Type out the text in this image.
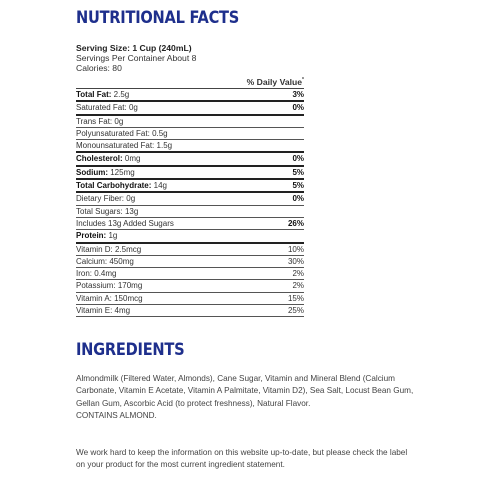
NUTRITIONAL FACTS
Serving Size: 1 Cup (240mL)
Servings Per Container About 8
Calories: 80
% Daily Value*
Total Fat: 2.5g	3%
Saturated Fat: 0g	0%
Trans Fat: 0g
Polyunsaturated Fat: 0.5g
Monounsaturated Fat: 1.5g
Cholesterol: 0mg	0%
Sodium: 125mg	5%
Total Carbohydrate: 14g	5%
Dietary Fiber: 0g	0%
Total Sugars: 13g
Includes 13g Added Sugars	26%
Protein: 1g
Vitamin D: 2.5mcg	10%
Calcium: 450mg	30%
Iron: 0.4mg	2%
Potassium: 170mg	2%
Vitamin A: 150mcg	15%
Vitamin E: 4mg	25%
INGREDIENTS
Almondmilk (Filtered Water, Almonds), Cane Sugar, Vitamin and Mineral Blend (Calcium Carbonate, Vitamin E Acetate, Vitamin A Palmitate, Vitamin D2), Sea Salt, Locust Bean Gum, Gellan Gum, Ascorbic Acid (to protect freshness), Natural Flavor.
CONTAINS ALMOND.
We work hard to keep the information on this website up-to-date, but please check the label on your product for the most current ingredient statement.
